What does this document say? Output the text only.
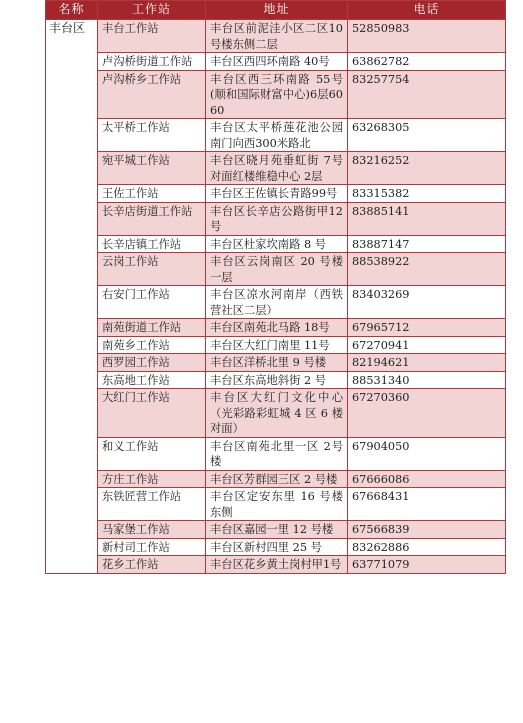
名称	工作站	地址	电话
丰台区	丰台工作站	丰台区前泥洼小区二区10号楼东侧二层	52850983
	卢沟桥街道工作站	丰台区西四环南路 40号	63862782
	卢沟桥乡工作站	丰台区西三环南路 55号(顺和国际财富中心)6层6060	83257754
	太平桥工作站	丰台区太平桥莲花池公园南门向西300米路北	63268305
	宛平城工作站	丰台区晓月苑垂虹街 7号对面红楼维稳中心 2层	83216252
	王佐工作站	丰台区王佐镇长青路99号	83315382
	长辛店街道工作站	丰台区长辛店公路街甲12号	83885141
	长辛店镇工作站	丰台区杜家坎南路 8 号	83887147
	云岗工作站	丰台区云岗南区 20 号楼一层	88538922
	右安门工作站	丰台区凉水河南岸（西铁营社区二层）	83403269
	南苑街道工作站	丰台区南苑北马路 18号	67965712
	南苑乡工作站	丰台区大红门南里 11号	67270941
	西罗园工作站	丰台区洋桥北里 9 号楼	82194621
	东高地工作站	丰台区东高地斜街 2 号	88531340
	大红门工作站	丰台区大红门文化中心（光彩路彩虹城 4 区 6 楼对面）	67270360
	和义工作站	丰台区南苑北里一区 2号楼	67904050
	方庄工作站	丰台区芳群园三区 2 号楼	67666086
	东铁匠营工作站	丰台区定安东里 16 号楼东侧	67668431
	马家堡工作站	丰台区嘉园一里 12 号楼	67566839
	新村司工作站	丰台区新村四里 25 号	83262886
	花乡工作站	丰台区花乡黄土岗村甲1号	63771079
